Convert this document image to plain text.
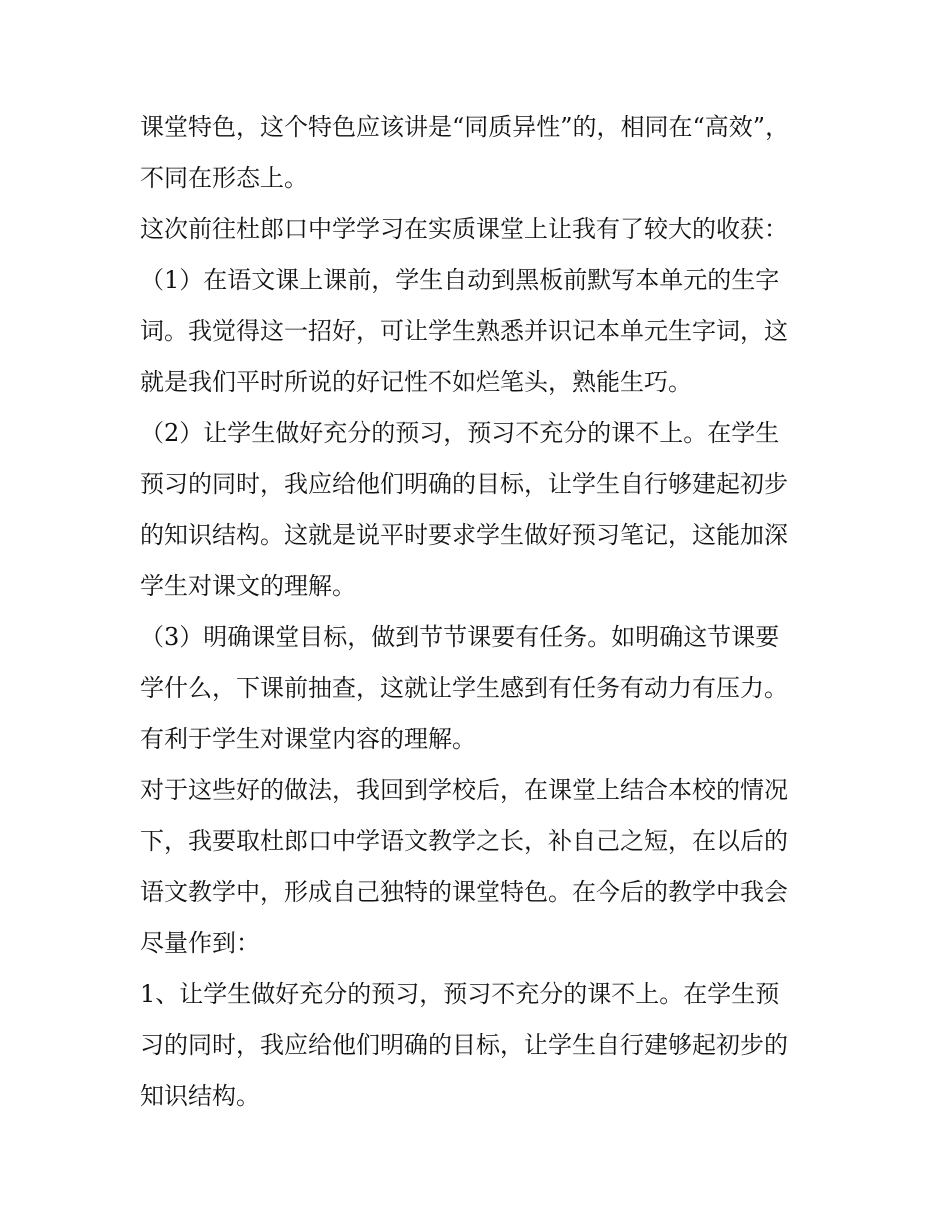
课堂特色，这个特色应该讲是“同质异性”的，相同在“高效”，
不同在形态上。
这次前往杜郎口中学学习在实质课堂上让我有了较大的收获：
（1）在语文课上课前，学生自动到黑板前默写本单元的生字
词。我觉得这一招好，可让学生熟悉并识记本单元生字词，这
就是我们平时所说的好记性不如烂笔头，熟能生巧。
（2）让学生做好充分的预习，预习不充分的课不上。在学生
预习的同时，我应给他们明确的目标，让学生自行够建起初步
的知识结构。这就是说平时要求学生做好预习笔记，这能加深
学生对课文的理解。
（3）明确课堂目标，做到节节课要有任务。如明确这节课要
学什么，下课前抽查，这就让学生感到有任务有动力有压力。
有利于学生对课堂内容的理解。
对于这些好的做法，我回到学校后，在课堂上结合本校的情况
下，我要取杜郎口中学语文教学之长，补自己之短，在以后的
语文教学中，形成自己独特的课堂特色。在今后的教学中我会
尽量作到：
1、让学生做好充分的预习，预习不充分的课不上。在学生预
习的同时，我应给他们明确的目标，让学生自行建够起初步的
知识结构。
